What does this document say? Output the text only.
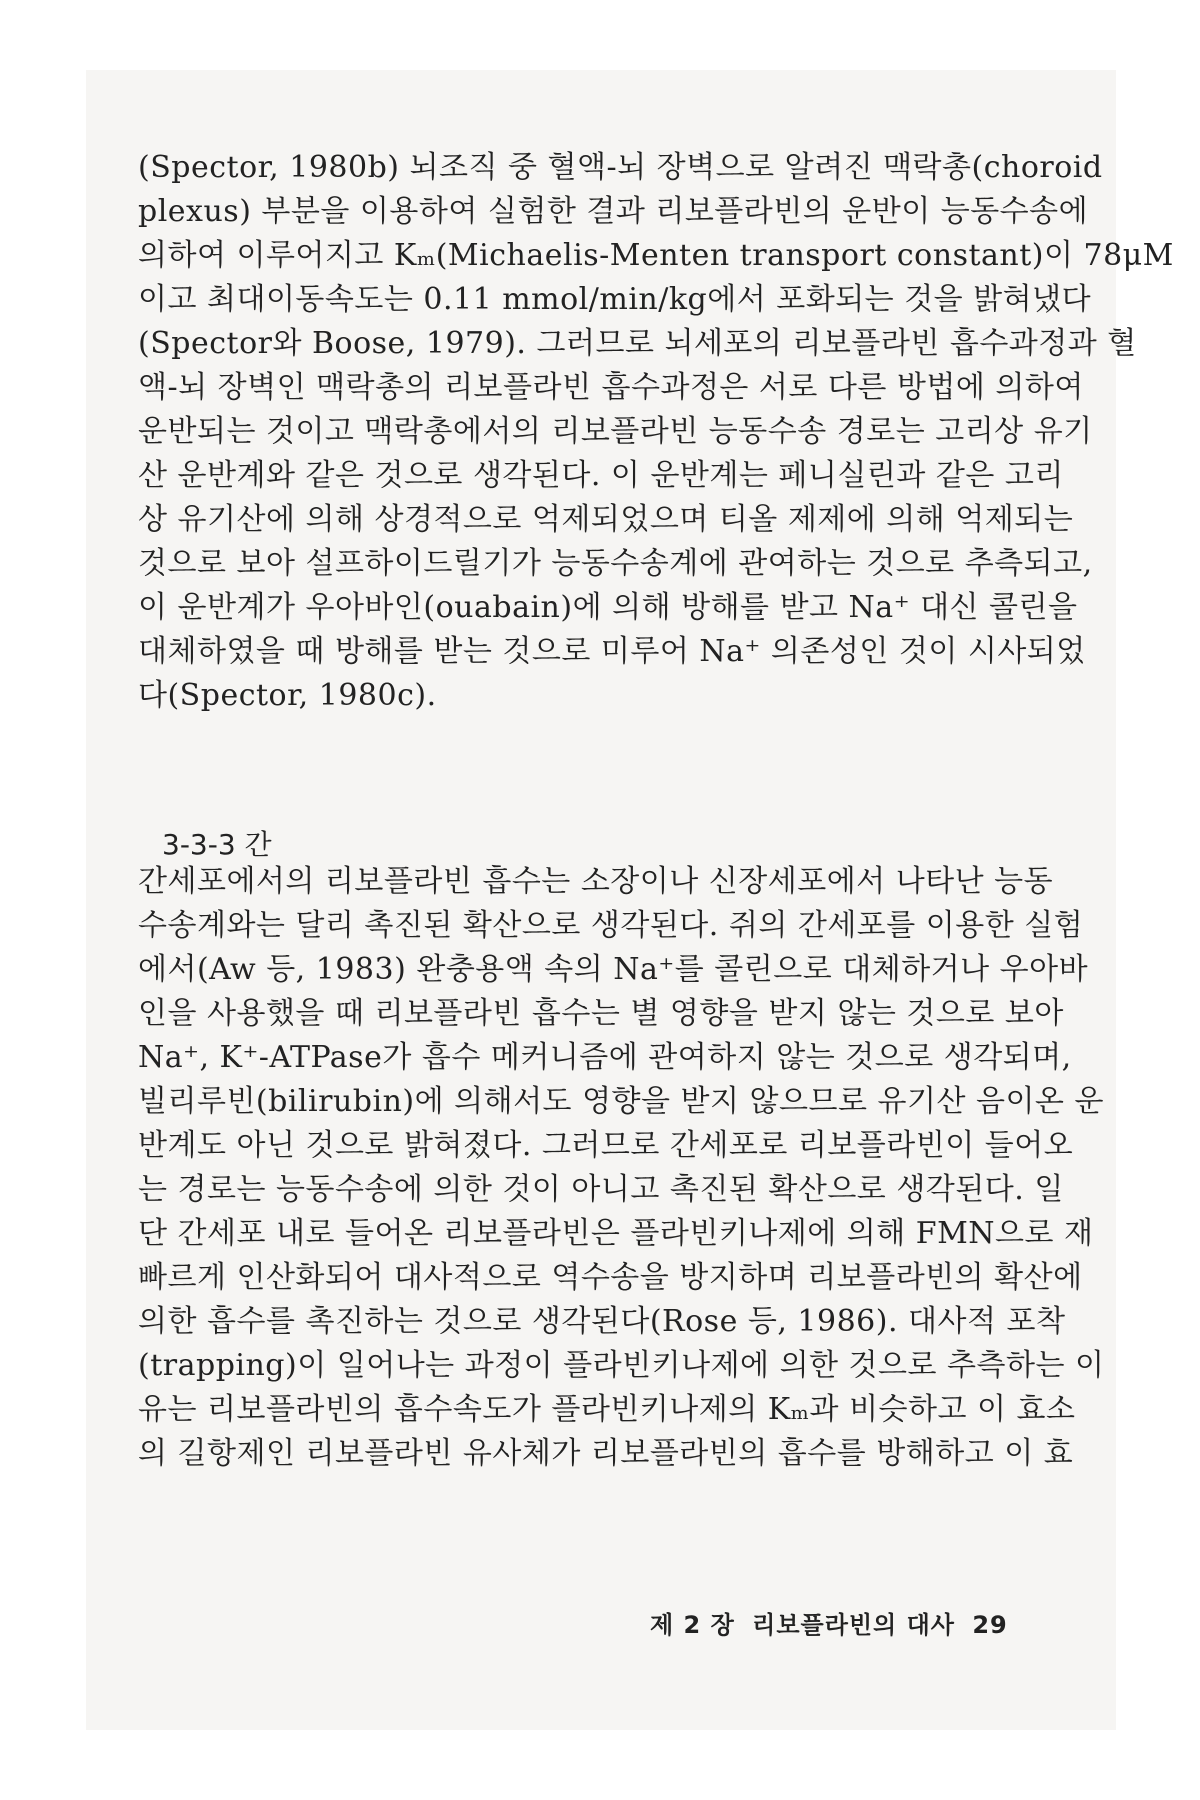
(Spector, 1980b) 뇌조직 중 혈액-뇌 장벽으로 알려진 맥락총(choroid
plexus) 부분을 이용하여 실험한 결과 리보플라빈의 운반이 능동수송에
의하여 이루어지고 Kₘ(Michaelis-Menten transport constant)이 78μM
이고 최대이동속도는 0.11 mmol/min/kg에서 포화되는 것을 밝혀냈다
(Spector와 Boose, 1979). 그러므로 뇌세포의 리보플라빈 흡수과정과 혈
액-뇌 장벽인 맥락총의 리보플라빈 흡수과정은 서로 다른 방법에 의하여
운반되는 것이고 맥락총에서의 리보플라빈 능동수송 경로는 고리상 유기
산 운반계와 같은 것으로 생각된다. 이 운반계는 페니실린과 같은 고리
상 유기산에 의해 상경적으로 억제되었으며 티올 제제에 의해 억제되는
것으로 보아 설프하이드릴기가 능동수송계에 관여하는 것으로 추측되고,
이 운반계가 우아바인(ouabain)에 의해 방해를 받고 Na⁺ 대신 콜린을
대체하였을 때 방해를 받는 것으로 미루어 Na⁺ 의존성인 것이 시사되었
다(Spector, 1980c).
3-3-3 간
간세포에서의 리보플라빈 흡수는 소장이나 신장세포에서 나타난 능동
수송계와는 달리 촉진된 확산으로 생각된다. 쥐의 간세포를 이용한 실험
에서(Aw 등, 1983) 완충용액 속의 Na⁺를 콜린으로 대체하거나 우아바
인을 사용했을 때 리보플라빈 흡수는 별 영향을 받지 않는 것으로 보아
Na⁺, K⁺-ATPase가 흡수 메커니즘에 관여하지 않는 것으로 생각되며,
빌리루빈(bilirubin)에 의해서도 영향을 받지 않으므로 유기산 음이온 운
반계도 아닌 것으로 밝혀졌다. 그러므로 간세포로 리보플라빈이 들어오
는 경로는 능동수송에 의한 것이 아니고 촉진된 확산으로 생각된다. 일
단 간세포 내로 들어온 리보플라빈은 플라빈키나제에 의해 FMN으로 재
빠르게 인산화되어 대사적으로 역수송을 방지하며 리보플라빈의 확산에
의한 흡수를 촉진하는 것으로 생각된다(Rose 등, 1986). 대사적 포착
(trapping)이 일어나는 과정이 플라빈키나제에 의한 것으로 추측하는 이
유는 리보플라빈의 흡수속도가 플라빈키나제의 Kₘ과 비슷하고 이 효소
의 길항제인 리보플라빈 유사체가 리보플라빈의 흡수를 방해하고 이 효
제 2 장 리보플라빈의 대사 29
